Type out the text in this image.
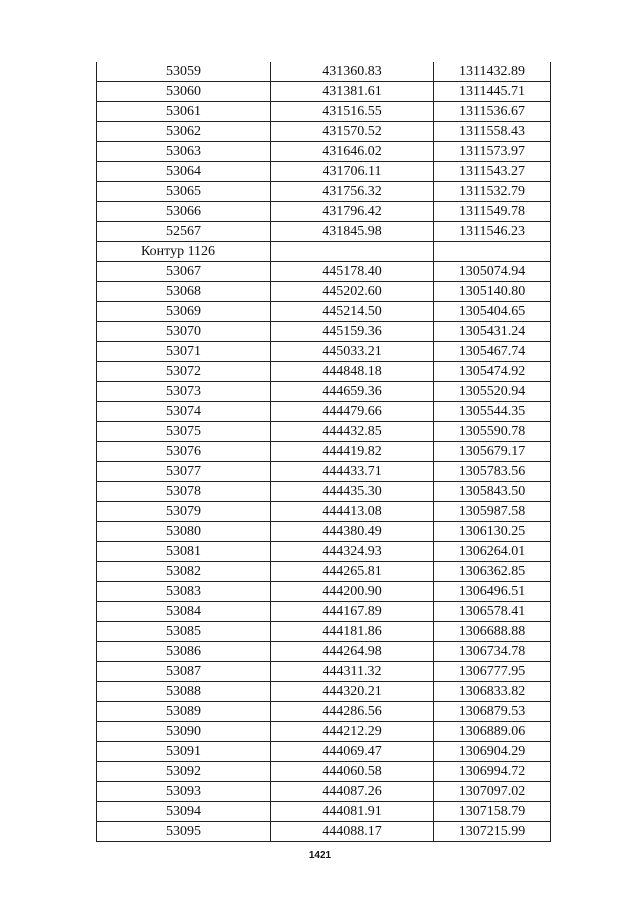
53059	431360.83	1311432.89
53060	431381.61	1311445.71
53061	431516.55	1311536.67
53062	431570.52	1311558.43
53063	431646.02	1311573.97
53064	431706.11	1311543.27
53065	431756.32	1311532.79
53066	431796.42	1311549.78
52567	431845.98	1311546.23
Контур 1126		
53067	445178.40	1305074.94
53068	445202.60	1305140.80
53069	445214.50	1305404.65
53070	445159.36	1305431.24
53071	445033.21	1305467.74
53072	444848.18	1305474.92
53073	444659.36	1305520.94
53074	444479.66	1305544.35
53075	444432.85	1305590.78
53076	444419.82	1305679.17
53077	444433.71	1305783.56
53078	444435.30	1305843.50
53079	444413.08	1305987.58
53080	444380.49	1306130.25
53081	444324.93	1306264.01
53082	444265.81	1306362.85
53083	444200.90	1306496.51
53084	444167.89	1306578.41
53085	444181.86	1306688.88
53086	444264.98	1306734.78
53087	444311.32	1306777.95
53088	444320.21	1306833.82
53089	444286.56	1306879.53
53090	444212.29	1306889.06
53091	444069.47	1306904.29
53092	444060.58	1306994.72
53093	444087.26	1307097.02
53094	444081.91	1307158.79
53095	444088.17	1307215.99
1421
